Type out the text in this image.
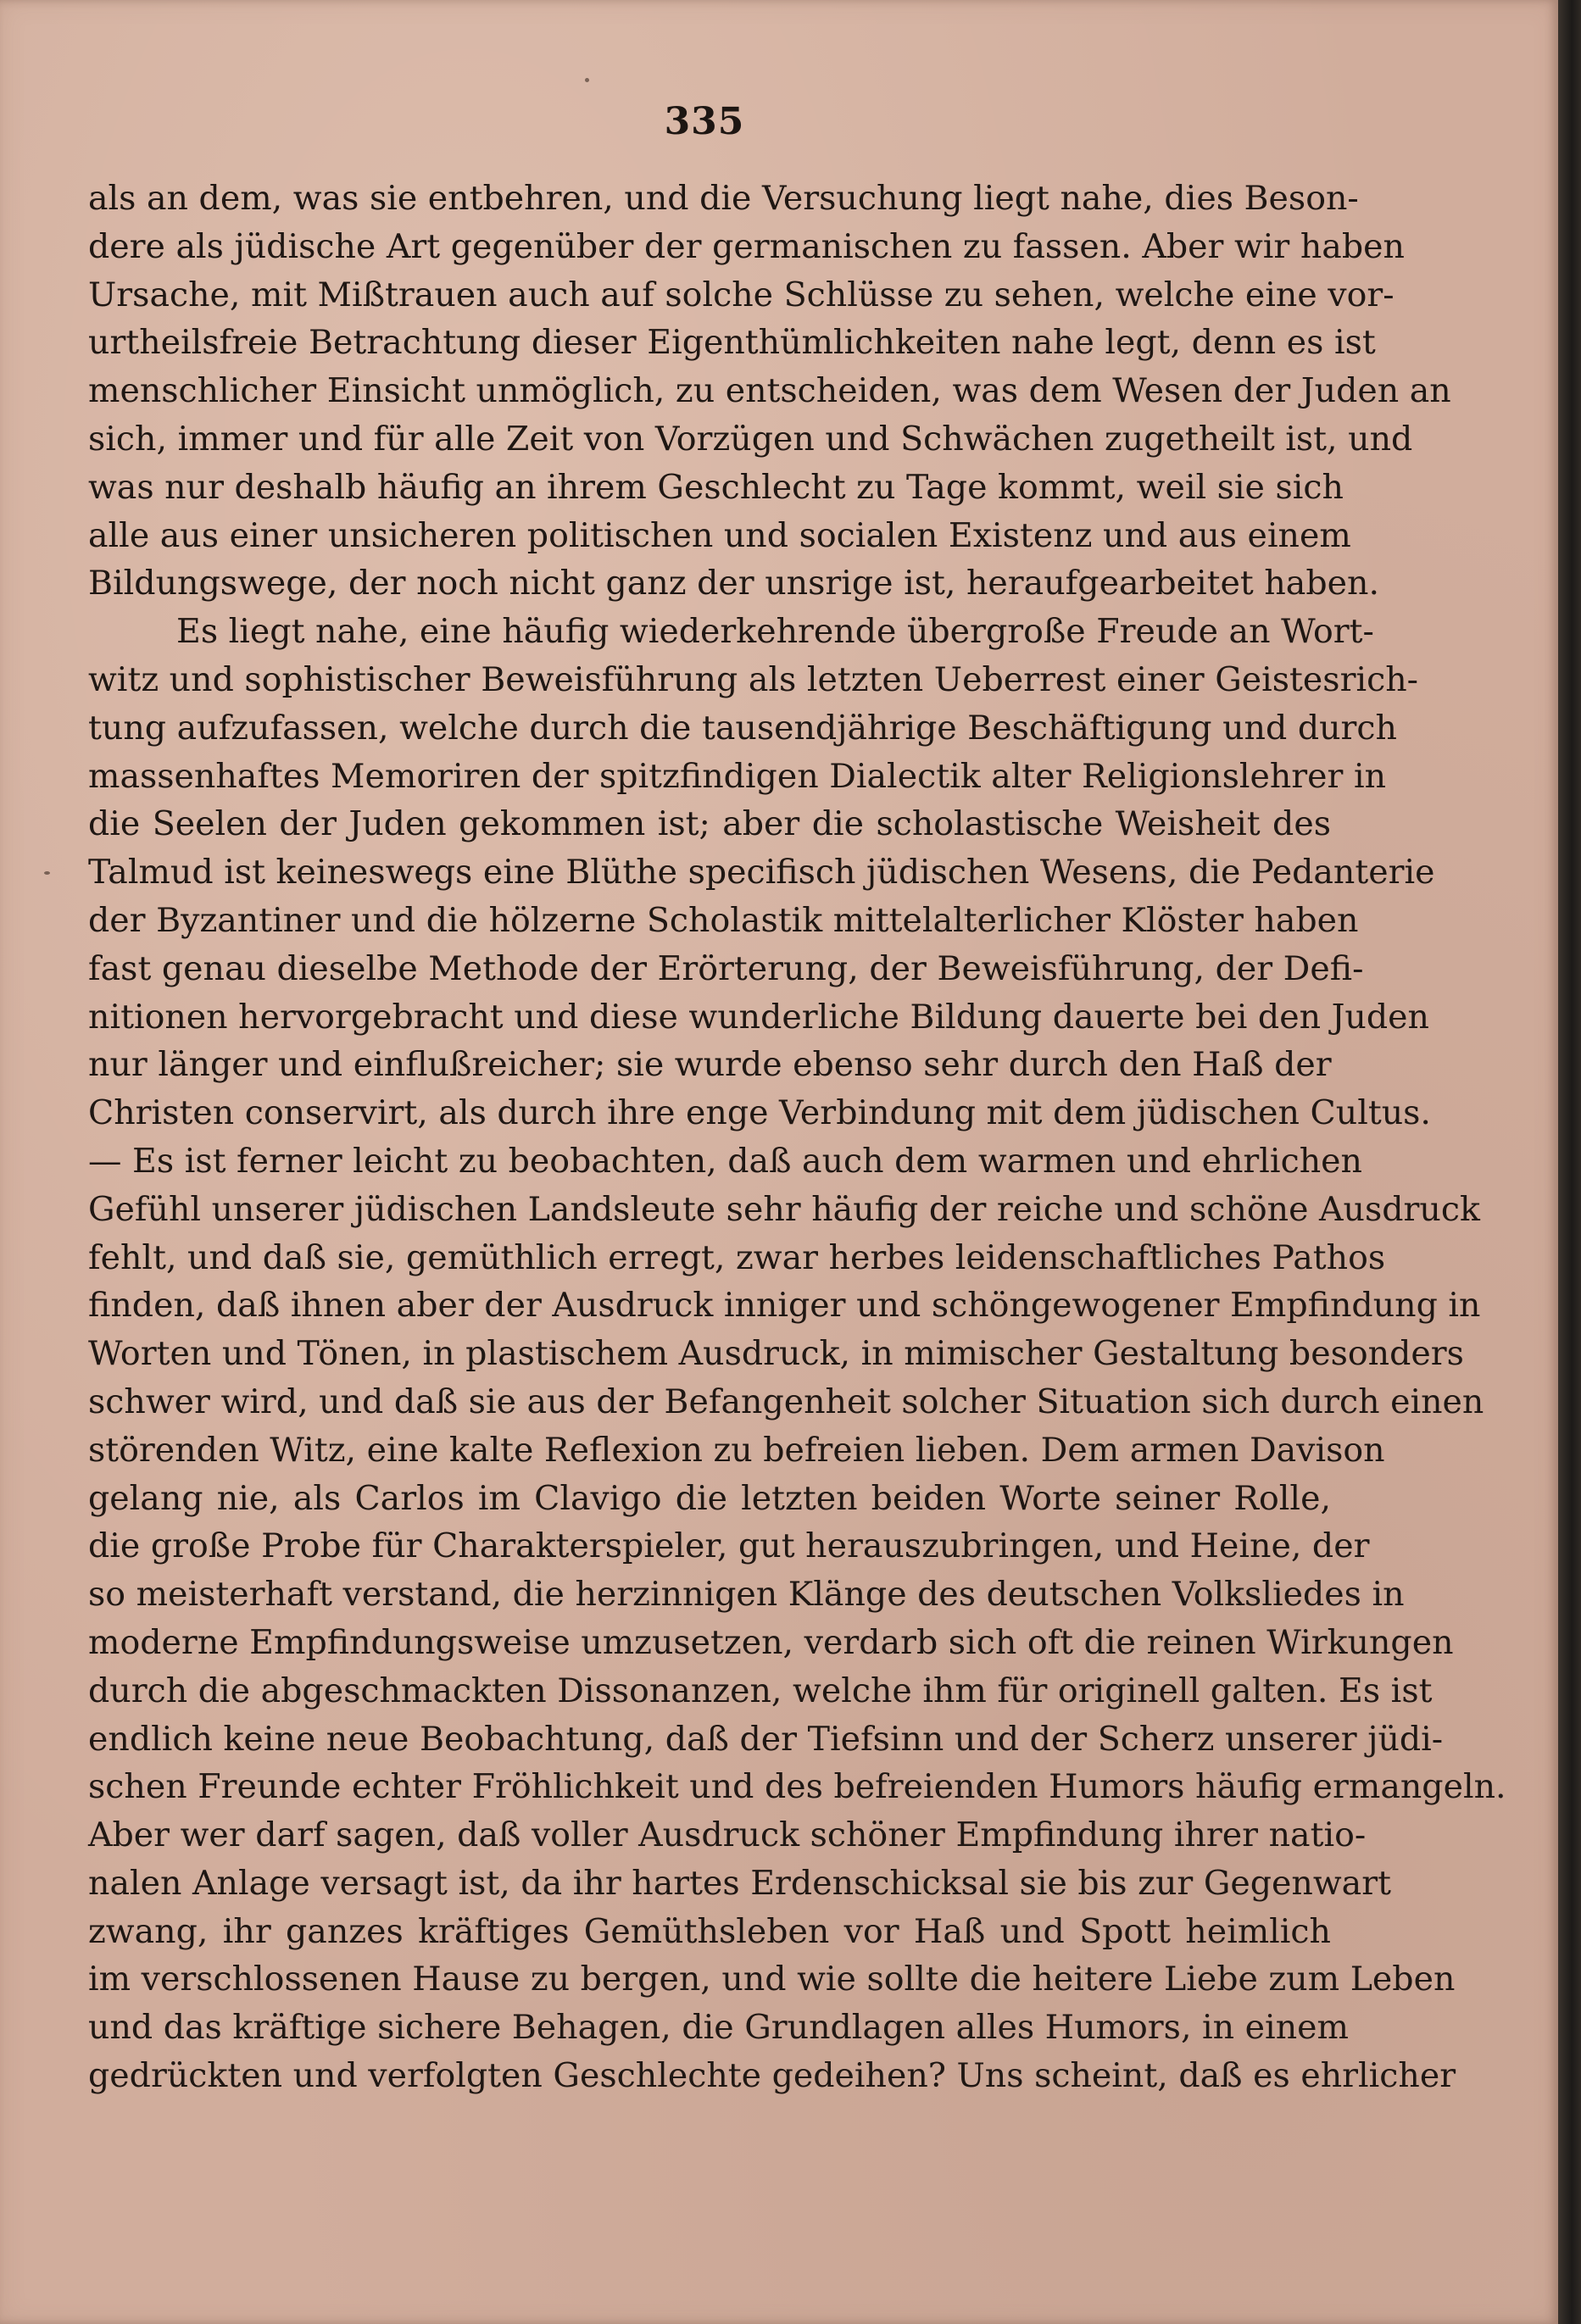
335
als an dem, was sie entbehren, und die Versuchung liegt nahe, dies Beson-
dere als jüdische Art gegenüber der germanischen zu fassen. Aber wir haben
Ursache, mit Mißtrauen auch auf solche Schlüsse zu sehen, welche eine vor-
urtheilsfreie Betrachtung dieser Eigenthümlichkeiten nahe legt, denn es ist
menschlicher Einsicht unmöglich, zu entscheiden, was dem Wesen der Juden an
sich, immer und für alle Zeit von Vorzügen und Schwächen zugetheilt ist, und
was nur deshalb häufig an ihrem Geschlecht zu Tage kommt, weil sie sich
alle aus einer unsicheren politischen und socialen Existenz und aus einem
Bildungswege, der noch nicht ganz der unsrige ist, heraufgearbeitet haben.
Es liegt nahe, eine häufig wiederkehrende übergroße Freude an Wort-
witz und sophistischer Beweisführung als letzten Ueberrest einer Geistesrich-
tung aufzufassen, welche durch die tausendjährige Beschäftigung und durch
massenhaftes Memoriren der spitzfindigen Dialectik alter Religionslehrer in
die Seelen der Juden gekommen ist; aber die scholastische Weisheit des
Talmud ist keineswegs eine Blüthe specifisch jüdischen Wesens, die Pedanterie
der Byzantiner und die hölzerne Scholastik mittelalterlicher Klöster haben
fast genau dieselbe Methode der Erörterung, der Beweisführung, der Defi-
nitionen hervorgebracht und diese wunderliche Bildung dauerte bei den Juden
nur länger und einflußreicher; sie wurde ebenso sehr durch den Haß der
Christen conservirt, als durch ihre enge Verbindung mit dem jüdischen Cultus.
— Es ist ferner leicht zu beobachten, daß auch dem warmen und ehrlichen
Gefühl unserer jüdischen Landsleute sehr häufig der reiche und schöne Ausdruck
fehlt, und daß sie, gemüthlich erregt, zwar herbes leidenschaftliches Pathos
finden, daß ihnen aber der Ausdruck inniger und schöngewogener Empfindung in
Worten und Tönen, in plastischem Ausdruck, in mimischer Gestaltung besonders
schwer wird, und daß sie aus der Befangenheit solcher Situation sich durch einen
störenden Witz, eine kalte Reflexion zu befreien lieben. Dem armen Davison
gelang nie, als Carlos im Clavigo die letzten beiden Worte seiner Rolle,
die große Probe für Charakterspieler, gut herauszubringen, und Heine, der
so meisterhaft verstand, die herzinnigen Klänge des deutschen Volksliedes in
moderne Empfindungsweise umzusetzen, verdarb sich oft die reinen Wirkungen
durch die abgeschmackten Dissonanzen, welche ihm für originell galten. Es ist
endlich keine neue Beobachtung, daß der Tiefsinn und der Scherz unserer jüdi-
schen Freunde echter Fröhlichkeit und des befreienden Humors häufig ermangeln.
Aber wer darf sagen, daß voller Ausdruck schöner Empfindung ihrer natio-
nalen Anlage versagt ist, da ihr hartes Erdenschicksal sie bis zur Gegenwart
zwang, ihr ganzes kräftiges Gemüthsleben vor Haß und Spott heimlich
im verschlossenen Hause zu bergen, und wie sollte die heitere Liebe zum Leben
und das kräftige sichere Behagen, die Grundlagen alles Humors, in einem
gedrückten und verfolgten Geschlechte gedeihen? Uns scheint, daß es ehrlicher
